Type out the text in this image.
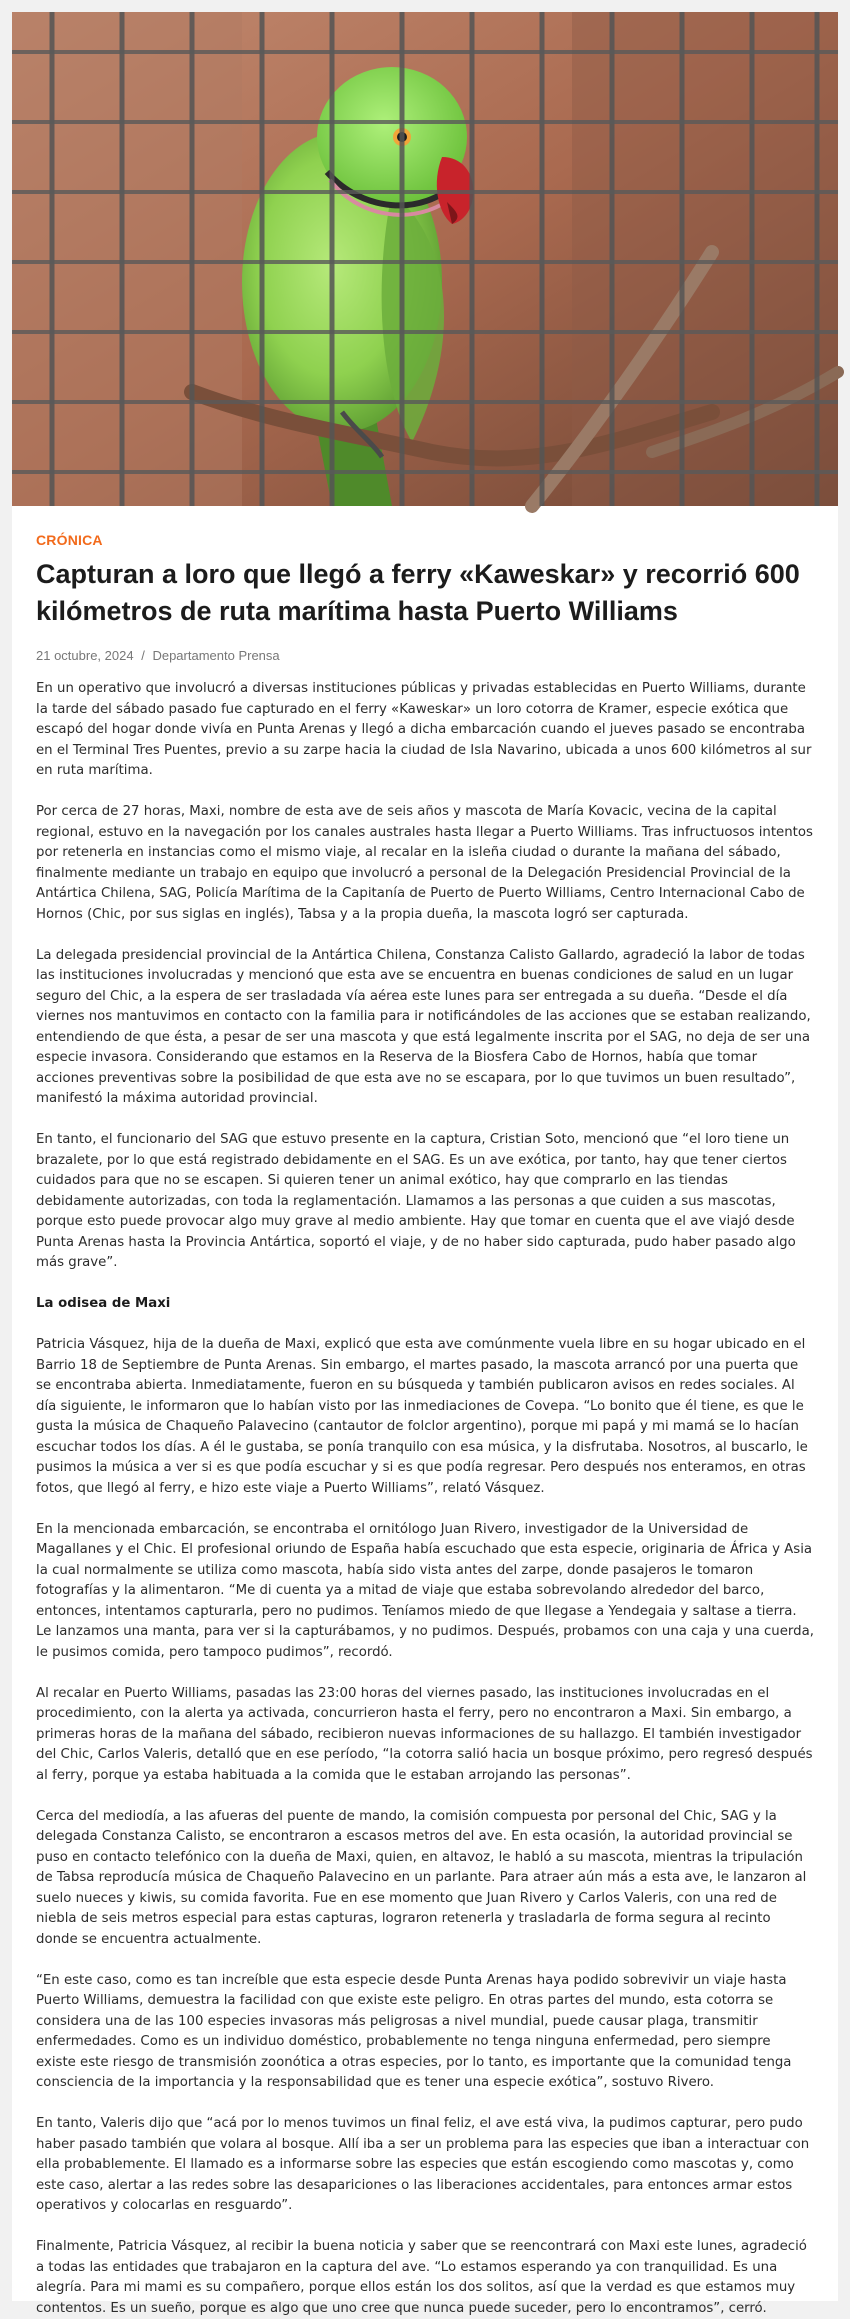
CRÓNICA
Capturan a loro que llegó a ferry «Kaweskar» y recorrió 600 kilómetros de ruta marítima hasta Puerto Williams
21 octubre, 2024 / Departamento Prensa

En un operativo que involucró a diversas instituciones públicas y privadas establecidas en Puerto Williams, durante la tarde del sábado pasado fue capturado en el ferry «Kaweskar» un loro cotorra de Kramer, especie exótica que escapó del hogar donde vivía en Punta Arenas y llegó a dicha embarcación cuando el jueves pasado se encontraba en el Terminal Tres Puentes, previo a su zarpe hacia la ciudad de Isla Navarino, ubicada a unos 600 kilómetros al sur en ruta marítima.

Por cerca de 27 horas, Maxi, nombre de esta ave de seis años y mascota de María Kovacic, vecina de la capital regional, estuvo en la navegación por los canales australes hasta llegar a Puerto Williams. Tras infructuosos intentos por retenerla en instancias como el mismo viaje, al recalar en la isleña ciudad o durante la mañana del sábado, finalmente mediante un trabajo en equipo que involucró a personal de la Delegación Presidencial Provincial de la Antártica Chilena, SAG, Policía Marítima de la Capitanía de Puerto de Puerto Williams, Centro Internacional Cabo de Hornos (Chic, por sus siglas en inglés), Tabsa y a la propia dueña, la mascota logró ser capturada.

La delegada presidencial provincial de la Antártica Chilena, Constanza Calisto Gallardo, agradeció la labor de todas las instituciones involucradas y mencionó que esta ave se encuentra en buenas condiciones de salud en un lugar seguro del Chic, a la espera de ser trasladada vía aérea este lunes para ser entregada a su dueña. “Desde el día viernes nos mantuvimos en contacto con la familia para ir notificándoles de las acciones que se estaban realizando, entendiendo de que ésta, a pesar de ser una mascota y que está legalmente inscrita por el SAG, no deja de ser una especie invasora. Considerando que estamos en la Reserva de la Biosfera Cabo de Hornos, había que tomar acciones preventivas sobre la posibilidad de que esta ave no se escapara, por lo que tuvimos un buen resultado”, manifestó la máxima autoridad provincial.

En tanto, el funcionario del SAG que estuvo presente en la captura, Cristian Soto, mencionó que “el loro tiene un brazalete, por lo que está registrado debidamente en el SAG. Es un ave exótica, por tanto, hay que tener ciertos cuidados para que no se escapen. Si quieren tener un animal exótico, hay que comprarlo en las tiendas debidamente autorizadas, con toda la reglamentación. Llamamos a las personas a que cuiden a sus mascotas, porque esto puede provocar algo muy grave al medio ambiente. Hay que tomar en cuenta que el ave viajó desde Punta Arenas hasta la Provincia Antártica, soportó el viaje, y de no haber sido capturada, pudo haber pasado algo más grave”.

La odisea de Maxi

Patricia Vásquez, hija de la dueña de Maxi, explicó que esta ave comúnmente vuela libre en su hogar ubicado en el Barrio 18 de Septiembre de Punta Arenas. Sin embargo, el martes pasado, la mascota arrancó por una puerta que se encontraba abierta. Inmediatamente, fueron en su búsqueda y también publicaron avisos en redes sociales. Al día siguiente, le informaron que lo habían visto por las inmediaciones de Covepa. “Lo bonito que él tiene, es que le gusta la música de Chaqueño Palavecino (cantautor de folclor argentino), porque mi papá y mi mamá se lo hacían escuchar todos los días. A él le gustaba, se ponía tranquilo con esa música, y la disfrutaba. Nosotros, al buscarlo, le pusimos la música a ver si es que podía escuchar y si es que podía regresar. Pero después nos enteramos, en otras fotos, que llegó al ferry, e hizo este viaje a Puerto Williams”, relató Vásquez.

En la mencionada embarcación, se encontraba el ornitólogo Juan Rivero, investigador de la Universidad de Magallanes y el Chic. El profesional oriundo de España había escuchado que esta especie, originaria de África y Asia la cual normalmente se utiliza como mascota, había sido vista antes del zarpe, donde pasajeros le tomaron fotografías y la alimentaron. “Me di cuenta ya a mitad de viaje que estaba sobrevolando alrededor del barco, entonces, intentamos capturarla, pero no pudimos. Teníamos miedo de que llegase a Yendegaia y saltase a tierra. Le lanzamos una manta, para ver si la capturábamos, y no pudimos. Después, probamos con una caja y una cuerda, le pusimos comida, pero tampoco pudimos”, recordó.

Al recalar en Puerto Williams, pasadas las 23:00 horas del viernes pasado, las instituciones involucradas en el procedimiento, con la alerta ya activada, concurrieron hasta el ferry, pero no encontraron a Maxi. Sin embargo, a primeras horas de la mañana del sábado, recibieron nuevas informaciones de su hallazgo. El también investigador del Chic, Carlos Valeris, detalló que en ese período, “la cotorra salió hacia un bosque próximo, pero regresó después al ferry, porque ya estaba habituada a la comida que le estaban arrojando las personas”.

Cerca del mediodía, a las afueras del puente de mando, la comisión compuesta por personal del Chic, SAG y la delegada Constanza Calisto, se encontraron a escasos metros del ave. En esta ocasión, la autoridad provincial se puso en contacto telefónico con la dueña de Maxi, quien, en altavoz, le habló a su mascota, mientras la tripulación de Tabsa reproducía música de Chaqueño Palavecino en un parlante. Para atraer aún más a esta ave, le lanzaron al suelo nueces y kiwis, su comida favorita. Fue en ese momento que Juan Rivero y Carlos Valeris, con una red de niebla de seis metros especial para estas capturas, lograron retenerla y trasladarla de forma segura al recinto donde se encuentra actualmente.

“En este caso, como es tan increíble que esta especie desde Punta Arenas haya podido sobrevivir un viaje hasta Puerto Williams, demuestra la facilidad con que existe este peligro. En otras partes del mundo, esta cotorra se considera una de las 100 especies invasoras más peligrosas a nivel mundial, puede causar plaga, transmitir enfermedades. Como es un individuo doméstico, probablemente no tenga ninguna enfermedad, pero siempre existe este riesgo de transmisión zoonótica a otras especies, por lo tanto, es importante que la comunidad tenga consciencia de la importancia y la responsabilidad que es tener una especie exótica”, sostuvo Rivero.

En tanto, Valeris dijo que “acá por lo menos tuvimos un final feliz, el ave está viva, la pudimos capturar, pero pudo haber pasado también que volara al bosque. Allí iba a ser un problema para las especies que iban a interactuar con ella probablemente. El llamado es a informarse sobre las especies que están escogiendo como mascotas y, como este caso, alertar a las redes sobre las desapariciones o las liberaciones accidentales, para entonces armar estos operativos y colocarlas en resguardo”.

Finalmente, Patricia Vásquez, al recibir la buena noticia y saber que se reencontrará con Maxi este lunes, agradeció a todas las entidades que trabajaron en la captura del ave. “Lo estamos esperando ya con tranquilidad. Es una alegría. Para mi mami es su compañero, porque ellos están los dos solitos, así que la verdad es que estamos muy contentos. Es un sueño, porque es algo que uno cree que nunca puede suceder, pero lo encontramos”, cerró.
